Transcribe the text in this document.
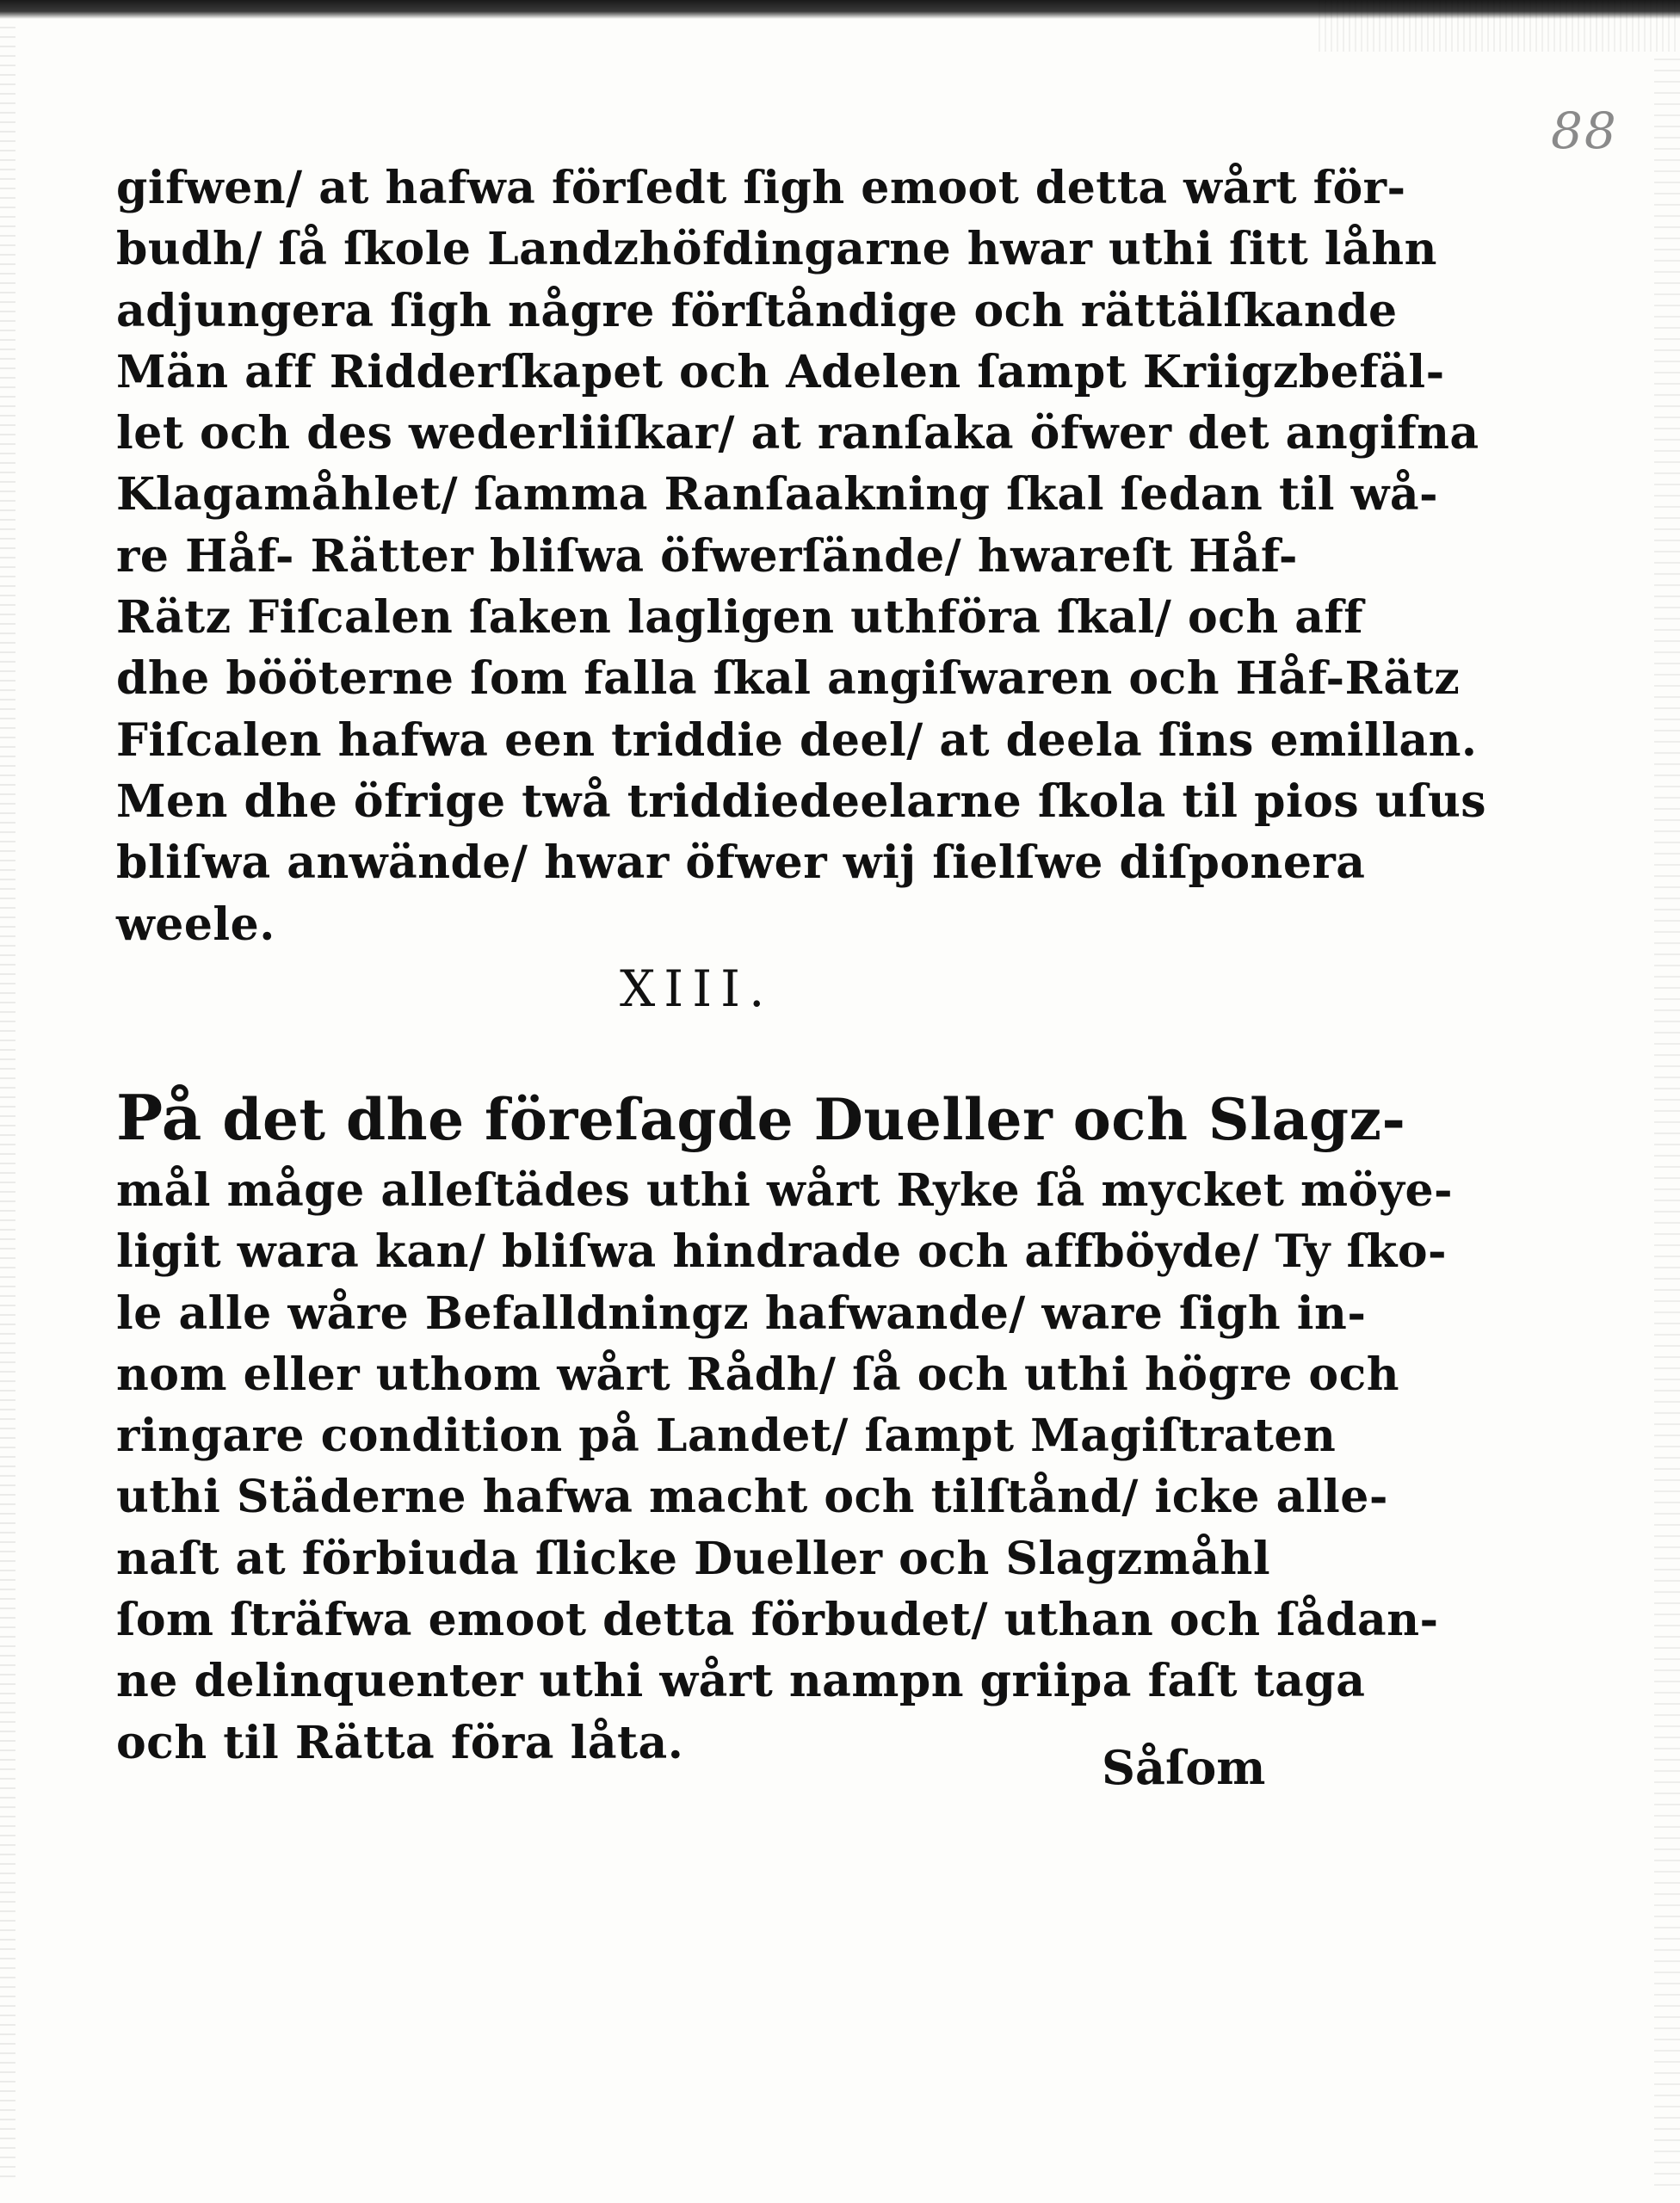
88
gifwen/ at hafwa förſedt ſigh emoot detta wårt för-
budh/ ſå ſkole Landzhöfdingarne hwar uthi ſitt låhn
adjungera ſigh någre förſtåndige och rättälſkande
Män aff Ridderſkapet och Adelen ſampt Kriigzbefäl-
let och des wederliiſkar/ at ranſaka öfwer det angifna
Klagamåhlet/ ſamma Ranſaakning ſkal ſedan til wå-
re Håf- Rätter bliſwa öfwerſände/ hwareſt Håf-
Rätz Fiſcalen ſaken lagligen uthföra ſkal/ och aff
dhe bööterne ſom falla ſkal angiſwaren och Håf-Rätz
Fiſcalen hafwa een triddie deel/ at deela ſins emillan.
Men dhe öfrige twå triddiedeelarne ſkola til pios uſus
bliſwa anwände/ hwar öfwer wij ſielſwe diſponera
weele.
XIII.
På det dhe föreſagde Dueller och Slagz-
mål måge alleſtädes uthi wårt Ryke ſå mycket möye-
ligit wara kan/ bliſwa hindrade och affböyde/ Ty ſko-
le alle wåre Befalldningz hafwande/ ware ſigh in-
nom eller uthom wårt Rådh/ ſå och uthi högre och
ringare condition på Landet/ ſampt Magiſtraten
uthi Städerne hafwa macht och tilſtånd/ icke alle-
naſt at förbiuda ſlicke Dueller och Slagzmåhl
ſom ſträfwa emoot detta förbudet/ uthan och ſådan-
ne delinquenter uthi wårt nampn griipa faſt taga
och til Rätta föra låta.	Såſom
